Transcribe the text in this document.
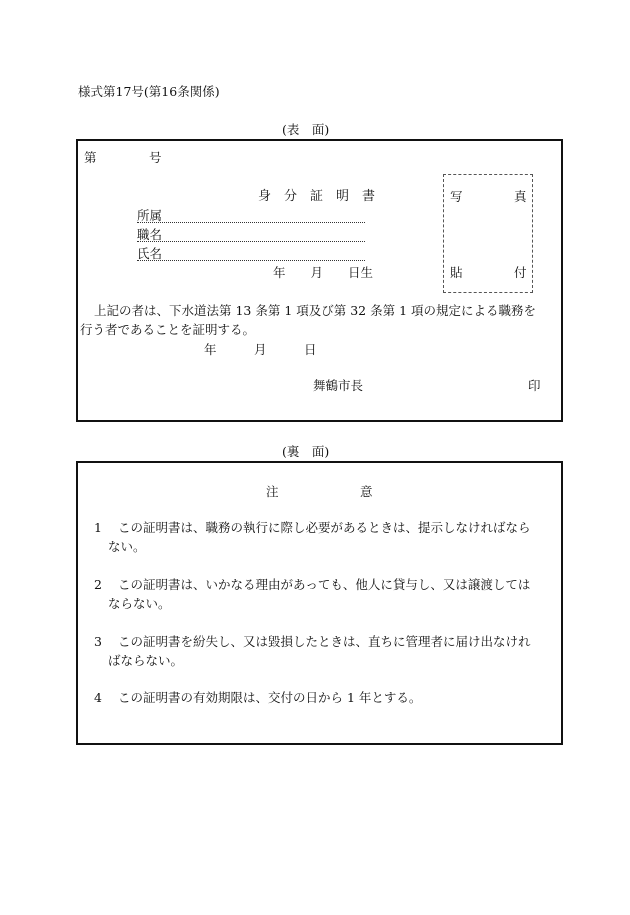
様式第17号(第16条関係)
(表　面)
第	号
身　分　証　明　書
所属
職名
氏名
年　　月　　日生
写	真
貼	付
上記の者は、下水道法第 13 条第 1 項及び第 32 条第 1 項の規定による職務を
行う者であることを証明する。
年　　　月　　　日
舞鶴市長	印
(裏　面)
注	意
1 この証明書は、職務の執行に際し必要があるときは、提示しなければなら
ない。
2 この証明書は、いかなる理由があっても、他人に貸与し、又は譲渡しては
ならない。
3 この証明書を紛失し、又は毀損したときは、直ちに管理者に届け出なけれ
ばならない。
4 この証明書の有効期限は、交付の日から 1 年とする。
